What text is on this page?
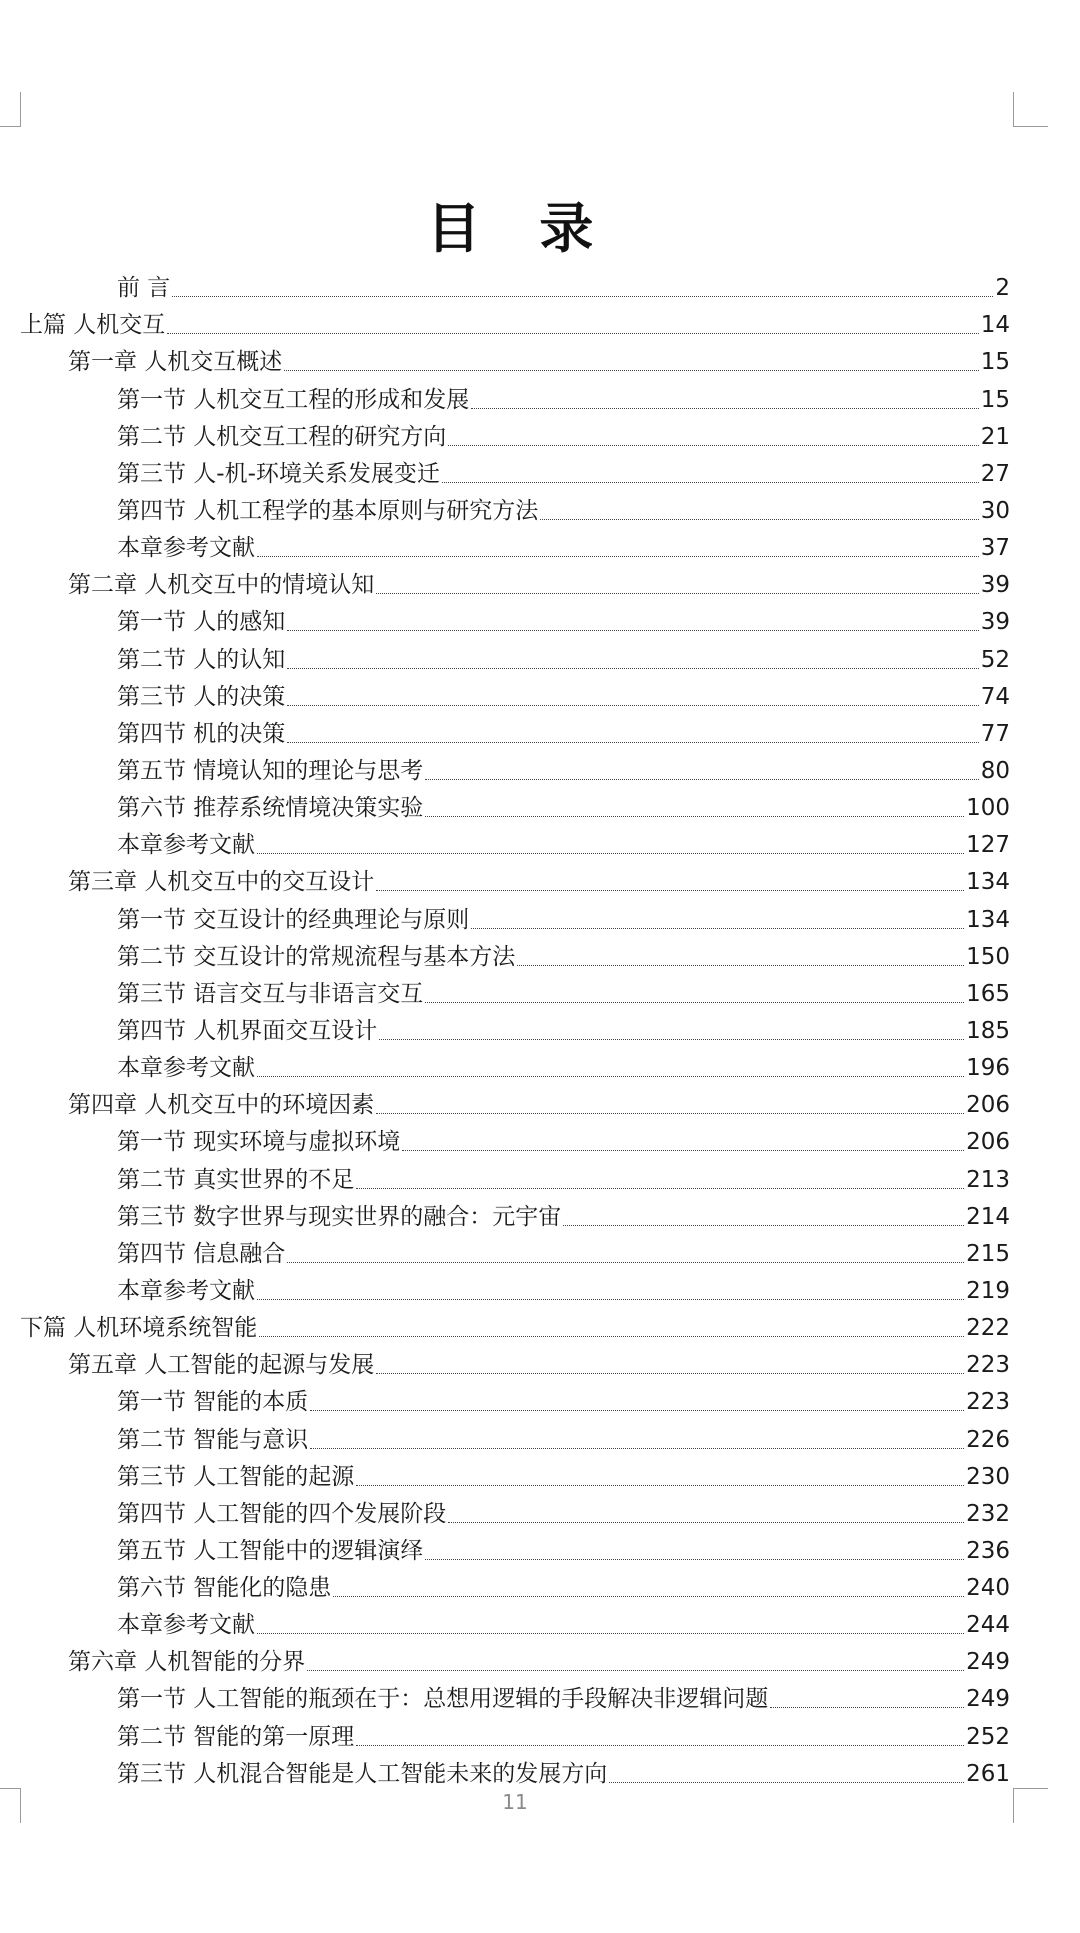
目 录
前 言	2
上篇 人机交互	14
第一章 人机交互概述	15
第一节 人机交互工程的形成和发展	15
第二节 人机交互工程的研究方向	21
第三节 人-机-环境关系发展变迁	27
第四节 人机工程学的基本原则与研究方法	30
本章参考文献	37
第二章 人机交互中的情境认知	39
第一节 人的感知	39
第二节 人的认知	52
第三节 人的决策	74
第四节 机的决策	77
第五节 情境认知的理论与思考	80
第六节 推荐系统情境决策实验	100
本章参考文献	127
第三章 人机交互中的交互设计	134
第一节 交互设计的经典理论与原则	134
第二节 交互设计的常规流程与基本方法	150
第三节 语言交互与非语言交互	165
第四节 人机界面交互设计	185
本章参考文献	196
第四章 人机交互中的环境因素	206
第一节 现实环境与虚拟环境	206
第二节 真实世界的不足	213
第三节 数字世界与现实世界的融合：元宇宙	214
第四节 信息融合	215
本章参考文献	219
下篇 人机环境系统智能	222
第五章 人工智能的起源与发展	223
第一节 智能的本质	223
第二节 智能与意识	226
第三节 人工智能的起源	230
第四节 人工智能的四个发展阶段	232
第五节 人工智能中的逻辑演绎	236
第六节 智能化的隐患	240
本章参考文献	244
第六章 人机智能的分界	249
第一节 人工智能的瓶颈在于：总想用逻辑的手段解决非逻辑问题	249
第二节 智能的第一原理	252
第三节 人机混合智能是人工智能未来的发展方向	261
11
